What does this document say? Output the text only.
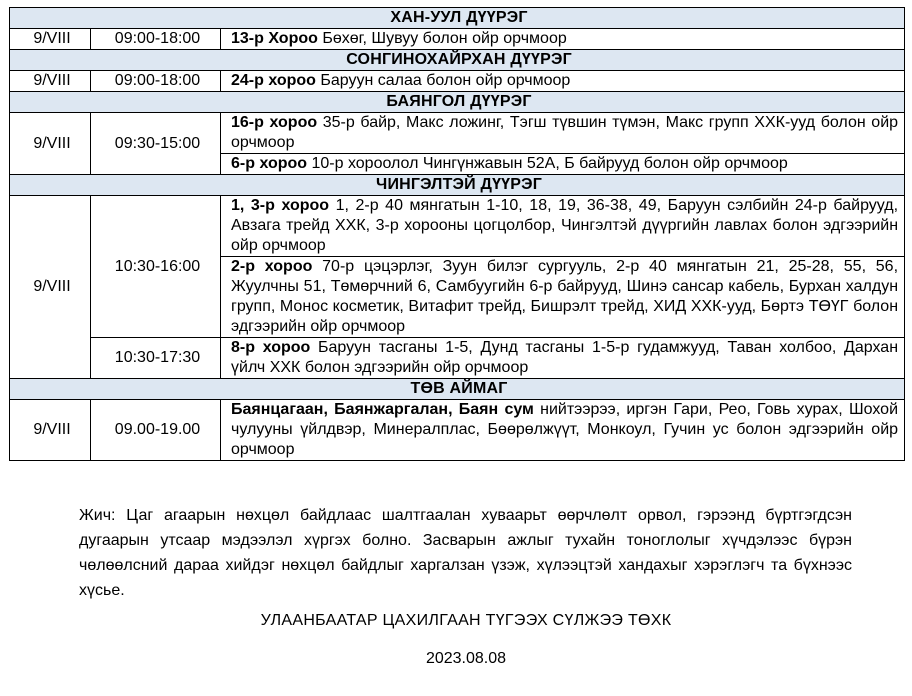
ХАН-УУЛ ДҮҮРЭГ		
9/VIII	09:00-18:00	13-р Хороо Бөхөг, Шувуу болон ойр орчмоор
СОНГИНОХАЙРХАН ДҮҮРЭГ		
9/VIII	09:00-18:00	24-р хороо Баруун салаа болон ойр орчмоор
БАЯНГОЛ ДҮҮРЭГ		
9/VIII	09:30-15:00	16-р хороо 35-р байр, Макс ложинг, Тэгш түвшин түмэн, Макс групп ХХК-ууд болон ойр орчмоор
		6-р хороо 10-р хороолол Чингүнжавын 52А, Б байрууд болон ойр орчмоор
ЧИНГЭЛТЭЙ ДҮҮРЭГ		
9/VIII	10:30-16:00	1, 3-р хороо 1, 2-р 40 мянгатын 1-10, 18, 19, 36-38, 49, Баруун сэлбийн 24-р байрууд, Авзага трейд ХХК, 3-р хорооны цогцолбор, Чингэлтэй дүүргийн лавлах болон эдгээрийн ойр орчмоор
		2-р хороо 70-р цэцэрлэг, Зуун билэг сургууль, 2-р 40 мянгатын 21, 25-28, 55, 56, Жуулчны 51, Төмөрчний 6, Самбуугийн 6-р байрууд, Шинэ сансар кабель, Бурхан халдун групп, Монос косметик, Витафит трейд, Бишрэлт трейд, ХИД ХХК-ууд, Бөртэ ТӨҮГ болон эдгээрийн ойр орчмоор
	10:30-17:30	8-р хороо Баруун тасганы 1-5, Дунд тасганы 1-5-р гудамжууд, Таван холбоо, Дархан үйлч ХХК болон эдгээрийн ойр орчмоор
ТӨВ АЙМАГ		
9/VIII	09.00-19.00	Баянцагаан, Баянжаргалан, Баян сум нийтээрээ, иргэн Гари, Рео, Говь хурах, Шохой чулууны үйлдвэр, Минералплас, Бөөрөлжүүт, Монкоул, Гучин ус болон эдгээрийн ойр орчмоор
Жич: Цаг агаарын нөхцөл байдлаас шалтгаалан хуваарьт өөрчлөлт орвол, гэрээнд бүртгэгдсэн дугаарын утсаар мэдээлэл хүргэх болно. Засварын ажлыг тухайн тоноглолыг хүчдэлээс бүрэн чөлөөлсний дараа хийдэг нөхцөл байдлыг харгалзан үзэж, хүлээцтэй хандахыг хэрэглэгч та бүхнээс хүсье.
УЛААНБААТАР ЦАХИЛГААН ТҮГЭЭХ СҮЛЖЭЭ ТӨХК
2023.08.08
